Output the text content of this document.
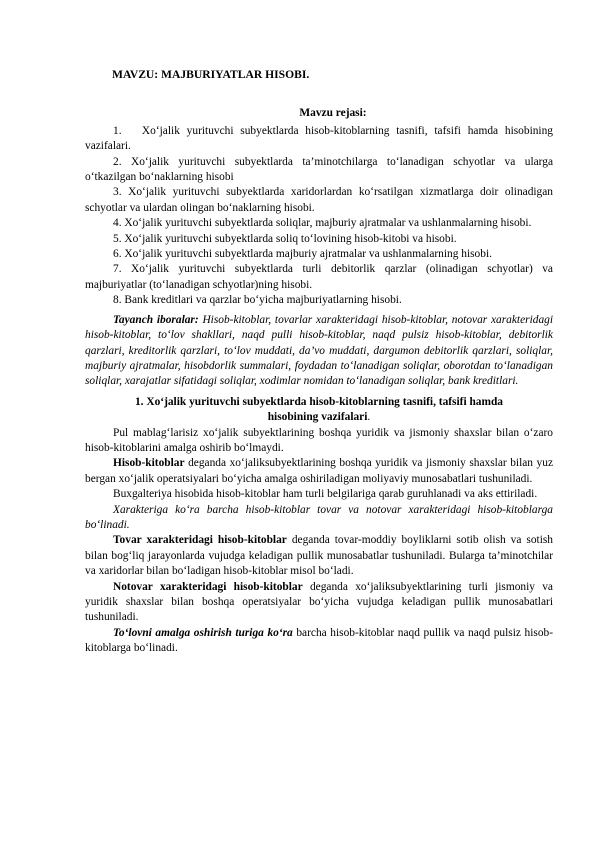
MAVZU: MAJBURIYATLAR HISOBI.
Mavzu rejasi:

1.   Xo‘jalik yurituvchi subyektlarda hisob-kitoblarning tasnifi, tafsifi hamda hisobining vazifalari.

2. Xo‘jalik yurituvchi subyektlarda ta’minotchilarga to‘lanadigan schyotlar va ularga o‘tkazilgan bo‘naklarning hisobi

3. Xo‘jalik yurituvchi subyektlarda xaridorlardan ko‘rsatilgan xizmatlarga doir olinadigan schyotlar va ulardan olingan bo‘naklarning hisobi.

4. Xo‘jalik yurituvchi subyektlarda soliqlar, majburiy ajratmalar va ushlanmalarning hisobi.

5. Xo‘jalik yurituvchi subyektlarda soliq to‘lovining hisob-kitobi va hisobi.

6. Xo‘jalik yurituvchi subyektlarda majburiy ajratmalar va ushlanmalarning hisobi.

7. Xo‘jalik yurituvchi subyektlarda turli debitorlik qarzlar (olinadigan schyotlar) va majburiyatlar (to‘lanadigan schyotlar)ning hisobi.

8. Bank kreditlari va qarzlar bo‘yicha majburiyatlarning hisobi.

Tayanch iboralar: Hisob-kitoblar, tovarlar xarakteridagi hisob-kitoblar, notovar xarakteridagi hisob-kitoblar, to‘lov shakllari, naqd pulli hisob-kitoblar, naqd pulsiz hisob-kitoblar, debitorlik qarzlari, kreditorlik qarzlari, to‘lov muddati, da’vo muddati, dargumon debitorlik qarzlari, soliqlar, majburiy ajratmalar, hisobdorlik summalari, foydadan to‘lanadigan soliqlar, oborotdan to‘lanadigan soliqlar, xarajatlar sifatidagi soliqlar, xodimlar nomidan to‘lanadigan soliqlar, bank kreditlari.

1. Xo‘jalik yurituvchi subyektlarda hisob-kitoblarning tasnifi, tafsifi hamda
hisobining vazifalari.

Pul mablag‘larisiz xo‘jalik subyektlarining boshqa yuridik va jismoniy shaxslar bilan o‘zaro hisob-kitoblarini amalga oshirib bo‘lmaydi.

Hisob-kitoblar deganda xo‘jaliksubyektlarining boshqa yuridik va jismoniy shaxslar bilan yuz bergan xo‘jalik operatsiyalari bo‘yicha amalga oshiriladigan moliyaviy munosabatlari tushuniladi.

Buxgalteriya hisobida hisob-kitoblar ham turli belgilariga qarab guruhlanadi va aks ettiriladi.

Xarakteriga ko‘ra barcha hisob-kitoblar tovar va notovar xarakteridagi hisob-kitoblarga bo‘linadi.

Tovar xarakteridagi hisob-kitoblar deganda tovar-moddiy boyliklarni sotib olish va sotish bilan bog‘liq jarayonlarda vujudga keladigan pullik munosabatlar tushuniladi. Bularga ta’minotchilar va xaridorlar bilan bo‘ladigan hisob-kitoblar misol bo‘ladi.

Notovar xarakteridagi hisob-kitoblar deganda xo‘jaliksubyektlarining turli jismoniy va yuridik shaxslar bilan boshqa operatsiyalar bo‘yicha vujudga keladigan pullik munosabatlari tushuniladi.

To‘lovni amalga oshirish turiga ko‘ra barcha hisob-kitoblar naqd pullik va naqd pulsiz hisob-kitoblarga bo‘linadi.
